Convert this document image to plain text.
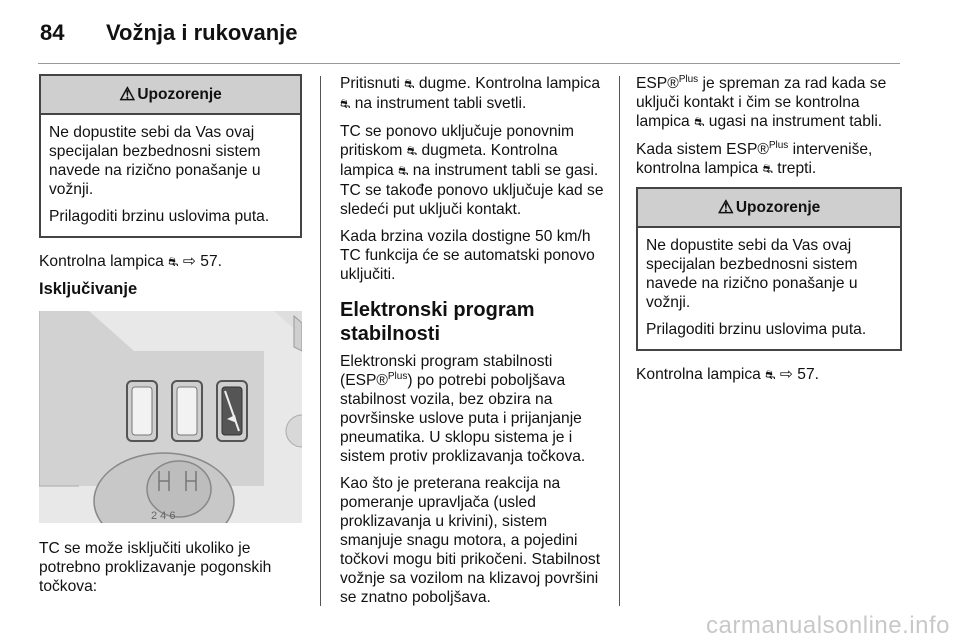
84 Vožnja i rukovanje
⚠ Upozorenje

Ne dopustite sebi da Vas ovaj specijalan bezbednosni sistem navede na rizično ponašanje u vožnji.

Prilagoditi brzinu uslovima puta.

Kontrolna lampica ⛐ ⇨ 57.

Isključivanje
2 4 6

TC se može isključiti ukoliko je potrebno proklizavanje pogonskih točkova:

Pritisnuti ⛐ dugme. Kontrolna lampica ⛐ na instrument tabli svetli.

TC se ponovo uključuje ponovnim pritiskom ⛐ dugmeta. Kontrolna lampica ⛐ na instrument tabli se gasi. TC se takođe ponovo uključuje kad se sledeći put uključi kontakt.

Kada brzina vozila dostigne 50 km/h TC funkcija će se automatski ponovo uključiti.

Elektronski program stabilnosti

Elektronski program stabilnosti (ESP®$^{Plus}$) po potrebi poboljšava stabilnost vozila, bez obzira na površinske uslove puta i prijanjanje pneumatika. U sklopu sistema je i sistem protiv proklizavanja točkova.

Kao što je preterana reakcija na pomeranje upravljača (usled proklizavanja u krivini), sistem smanjuje snagu motora, a pojedini točkovi mogu biti prikočeni. Stabilnost vožnje sa vozilom na klizavoj površini se znatno poboljšava.

ESP®$^{Plus}$ je spreman za rad kada se uključi kontakt i čim se kontrolna lampica ⛐ ugasi na instrument tabli.

Kada sistem ESP®$^{Plus}$ interveniše, kontrolna lampica ⛐ trepti.

⚠ Upozorenje

Ne dopustite sebi da Vas ovaj specijalan bezbednosni sistem navede na rizično ponašanje u vožnji.

Prilagoditi brzinu uslovima puta.

Kontrolna lampica ⛐ ⇨ 57.

carmanualsonline.info
